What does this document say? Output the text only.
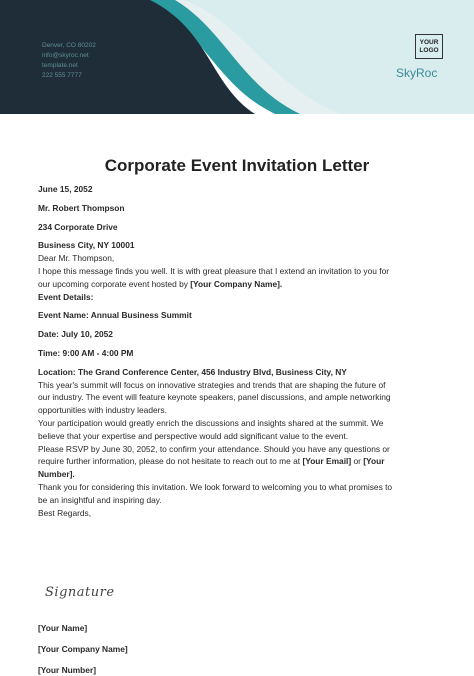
Denver, CO 80202
info@skyroc.net
template.net
222 555 7777
YOUR
LOGO
SkyRoc
Corporate Event Invitation Letter
June 15, 2052
Mr. Robert Thompson
234 Corporate Drive
Business City, NY 10001
Dear Mr. Thompson,
I hope this message finds you well. It is with great pleasure that I extend an invitation to you for
our upcoming corporate event hosted by [Your Company Name].
Event Details:
Event Name: Annual Business Summit
Date: July 10, 2052
Time: 9:00 AM - 4:00 PM
Location: The Grand Conference Center, 456 Industry Blvd, Business City, NY
This year's summit will focus on innovative strategies and trends that are shaping the future of
our industry. The event will feature keynote speakers, panel discussions, and ample networking
opportunities with industry leaders.
Your participation would greatly enrich the discussions and insights shared at the summit. We
believe that your expertise and perspective would add significant value to the event.
Please RSVP by June 30, 2052, to confirm your attendance. Should you have any questions or
require further information, please do not hesitate to reach out to me at [Your Email] or [Your
Number].
Thank you for considering this invitation. We look forward to welcoming you to what promises to
be an insightful and inspiring day.
Best Regards,
Signature
[Your Name]
[Your Company Name]
[Your Number]
